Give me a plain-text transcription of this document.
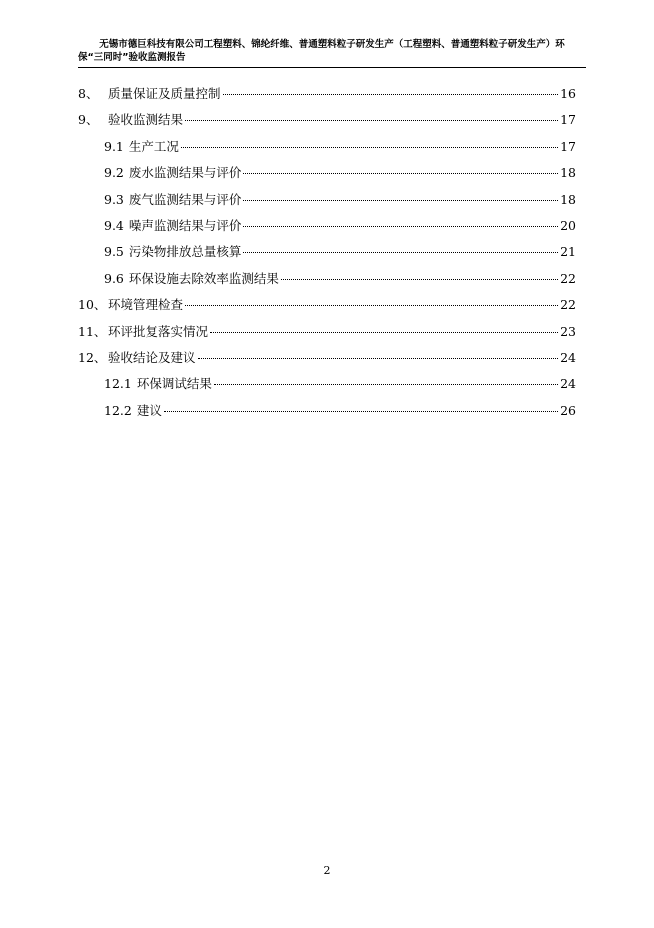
无锡市德巨科技有限公司工程塑料、锦纶纤维、普通塑料粒子研发生产（工程塑料、普通塑料粒子研发生产）环
保“三同时”验收监测报告
8、 质量保证及质量控制	16
9、 验收监测结果	17
9.1 生产工况	17
9.2 废水监测结果与评价	18
9.3 废气监测结果与评价	18
9.4 噪声监测结果与评价	20
9.5 污染物排放总量核算	21
9.6 环保设施去除效率监测结果	22
10、 环境管理检查	22
11、 环评批复落实情况	23
12、 验收结论及建议	24
12.1 环保调试结果	24
12.2 建议	26
2
